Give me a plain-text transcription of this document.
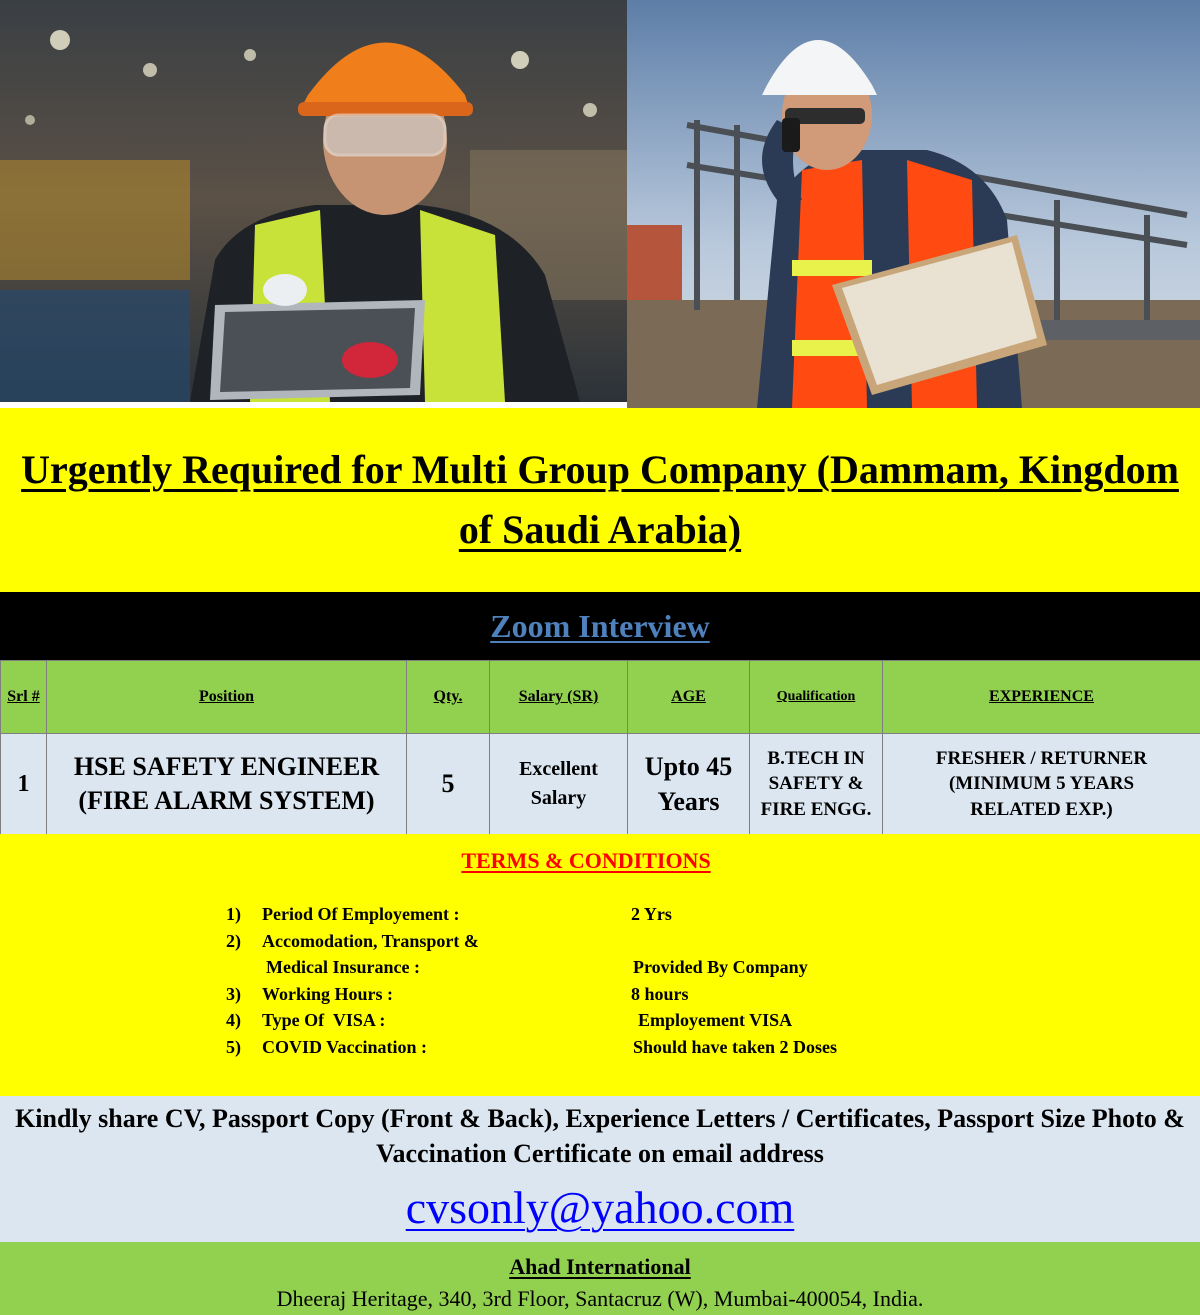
Urgently Required for Multi Group Company (Dammam, Kingdom of Saudi Arabia)
Zoom Interview
Srl #	Position	Qty.	Salary (SR)	AGE	Qualification	EXPERIENCE
1	HSE SAFETY ENGINEER (FIRE ALARM SYSTEM)	5	Excellent Salary	Upto 45 Years	B.TECH IN SAFETY & FIRE ENGG.	FRESHER / RETURNER (MINIMUM 5 YEARS RELATED EXP.)
TERMS & CONDITIONS
1)	Period Of Employement :	2 Yrs
2)	Accomodation, Transport &
Medical Insurance :	Provided By Company
3)	Working Hours :	8 hours
4)	Type Of  VISA :	Employement VISA
5)	COVID Vaccination :	Should have taken 2 Doses
Kindly share CV, Passport Copy (Front & Back), Experience Letters / Certificates, Passport Size Photo & Vaccination Certificate on email address
cvsonly@yahoo.com
Ahad International
Dheeraj Heritage, 340, 3rd Floor, Santacruz (W), Mumbai-400054, India.
